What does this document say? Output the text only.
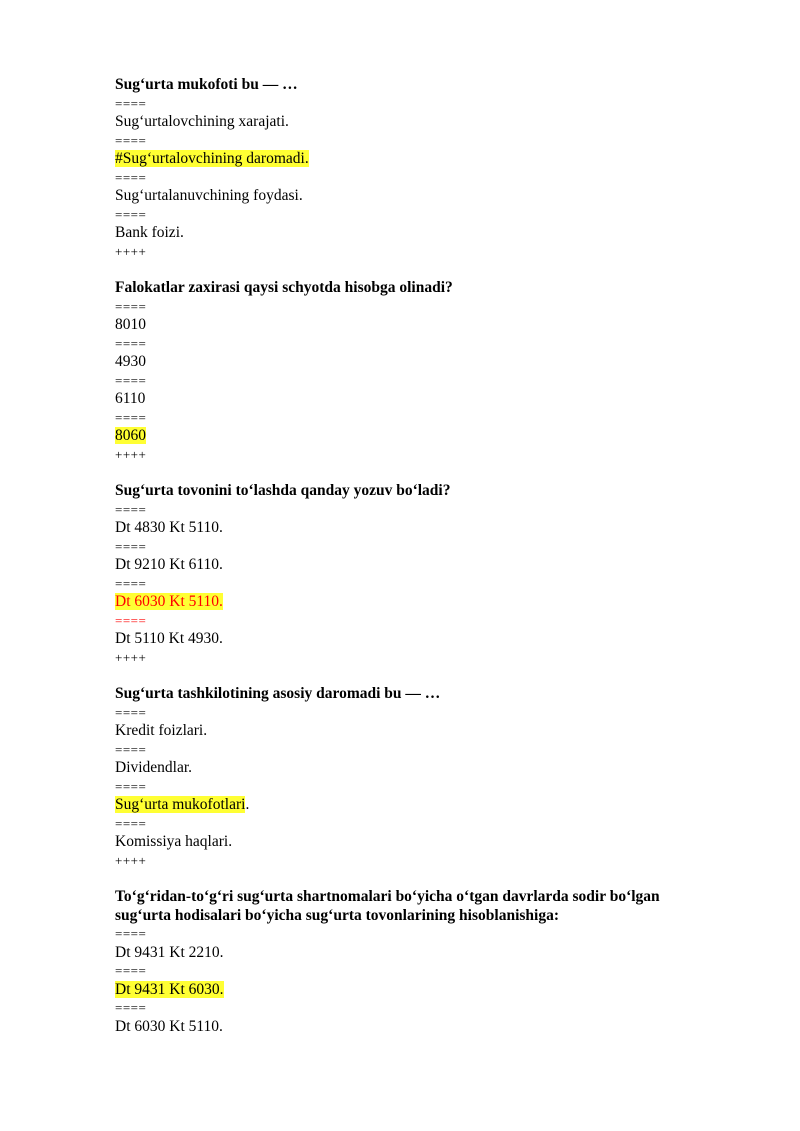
Sug‘urta mukofoti bu — …
====
Sug‘urtalovchining xarajati.
====
#Sug‘urtalovchining daromadi.
====
Sug‘urtalanuvchining foydasi.
====
Bank foizi.
++++
Falokatlar zaxirasi qaysi schyotda hisobga olinadi?
====
8010
====
4930
====
6110
====
8060
++++
Sug‘urta tovonini to‘lashda qanday yozuv bo‘ladi?
====
Dt 4830 Kt 5110.
====
Dt 9210 Kt 6110.
====
Dt 6030 Kt 5110.
====
Dt 5110 Kt 4930.
++++
Sug‘urta tashkilotining asosiy daromadi bu — …
====
Kredit foizlari.
====
Dividendlar.
====
Sug‘urta mukofotlari.
====
Komissiya haqlari.
++++
To‘g‘ridan-to‘g‘ri sug‘urta shartnomalari bo‘yicha o‘tgan davrlarda sodir bo‘lgan
sug‘urta hodisalari bo‘yicha sug‘urta tovonlarining hisoblanishiga:
====
Dt 9431 Kt 2210.
====
Dt 9431 Kt 6030.
====
Dt 6030 Kt 5110.
